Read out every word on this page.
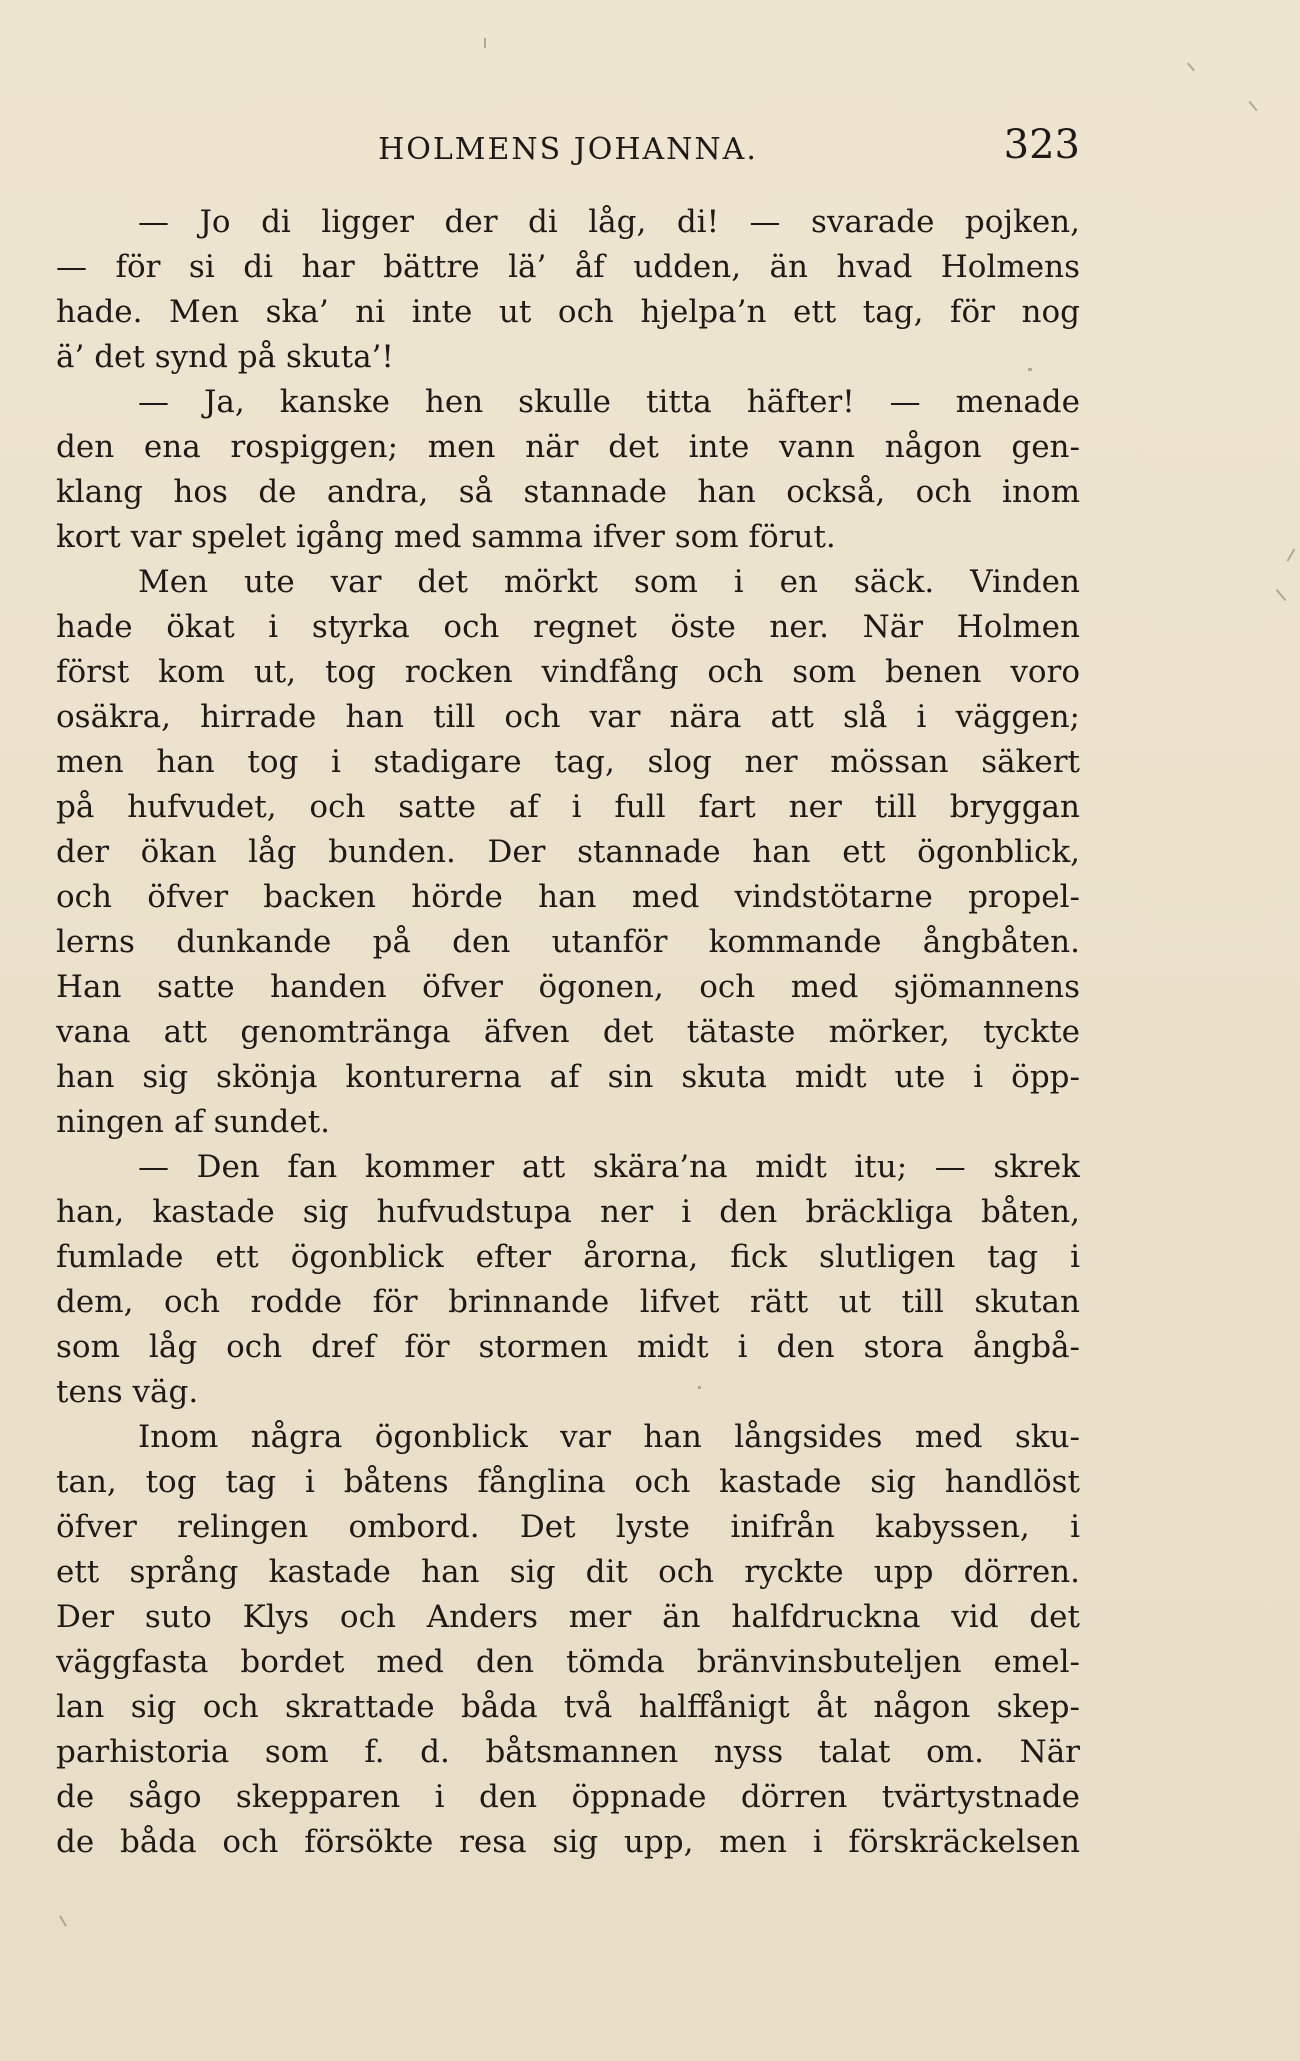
HOLMENS JOHANNA.	323
— Jo di ligger der di låg, di! — svarade pojken,
— för si di har bättre lä’ åf udden, än hvad Holmens
hade. Men ska’ ni inte ut och hjelpa’n ett tag, för nog
ä’ det synd på skuta’!
— Ja, kanske hen skulle titta häfter! — menade
den ena rospiggen; men när det inte vann någon gen-
klang hos de andra, så stannade han också, och inom
kort var spelet igång med samma ifver som förut.
Men ute var det mörkt som i en säck. Vinden
hade ökat i styrka och regnet öste ner. När Holmen
först kom ut, tog rocken vindfång och som benen voro
osäkra, hirrade han till och var nära att slå i väggen;
men han tog i stadigare tag, slog ner mössan säkert
på hufvudet, och satte af i full fart ner till bryggan
der ökan låg bunden. Der stannade han ett ögonblick,
och öfver backen hörde han med vindstötarne propel-
lerns dunkande på den utanför kommande ångbåten.
Han satte handen öfver ögonen, och med sjömannens
vana att genomtränga äfven det tätaste mörker, tyckte
han sig skönja konturerna af sin skuta midt ute i öpp-
ningen af sundet.
— Den fan kommer att skära’na midt itu; — skrek
han, kastade sig hufvudstupa ner i den bräckliga båten,
fumlade ett ögonblick efter årorna, fick slutligen tag i
dem, och rodde för brinnande lifvet rätt ut till skutan
som låg och dref för stormen midt i den stora ångbå-
tens väg.
Inom några ögonblick var han långsides med sku-
tan, tog tag i båtens fånglina och kastade sig handlöst
öfver relingen ombord. Det lyste inifrån kabyssen, i
ett språng kastade han sig dit och ryckte upp dörren.
Der suto Klys och Anders mer än halfdruckna vid det
väggfasta bordet med den tömda bränvinsbuteljen emel-
lan sig och skrattade båda två halffånigt åt någon skep-
parhistoria som f. d. båtsmannen nyss talat om. När
de sågo skepparen i den öppnade dörren tvärtystnade
de båda och försökte resa sig upp, men i förskräckelsen
